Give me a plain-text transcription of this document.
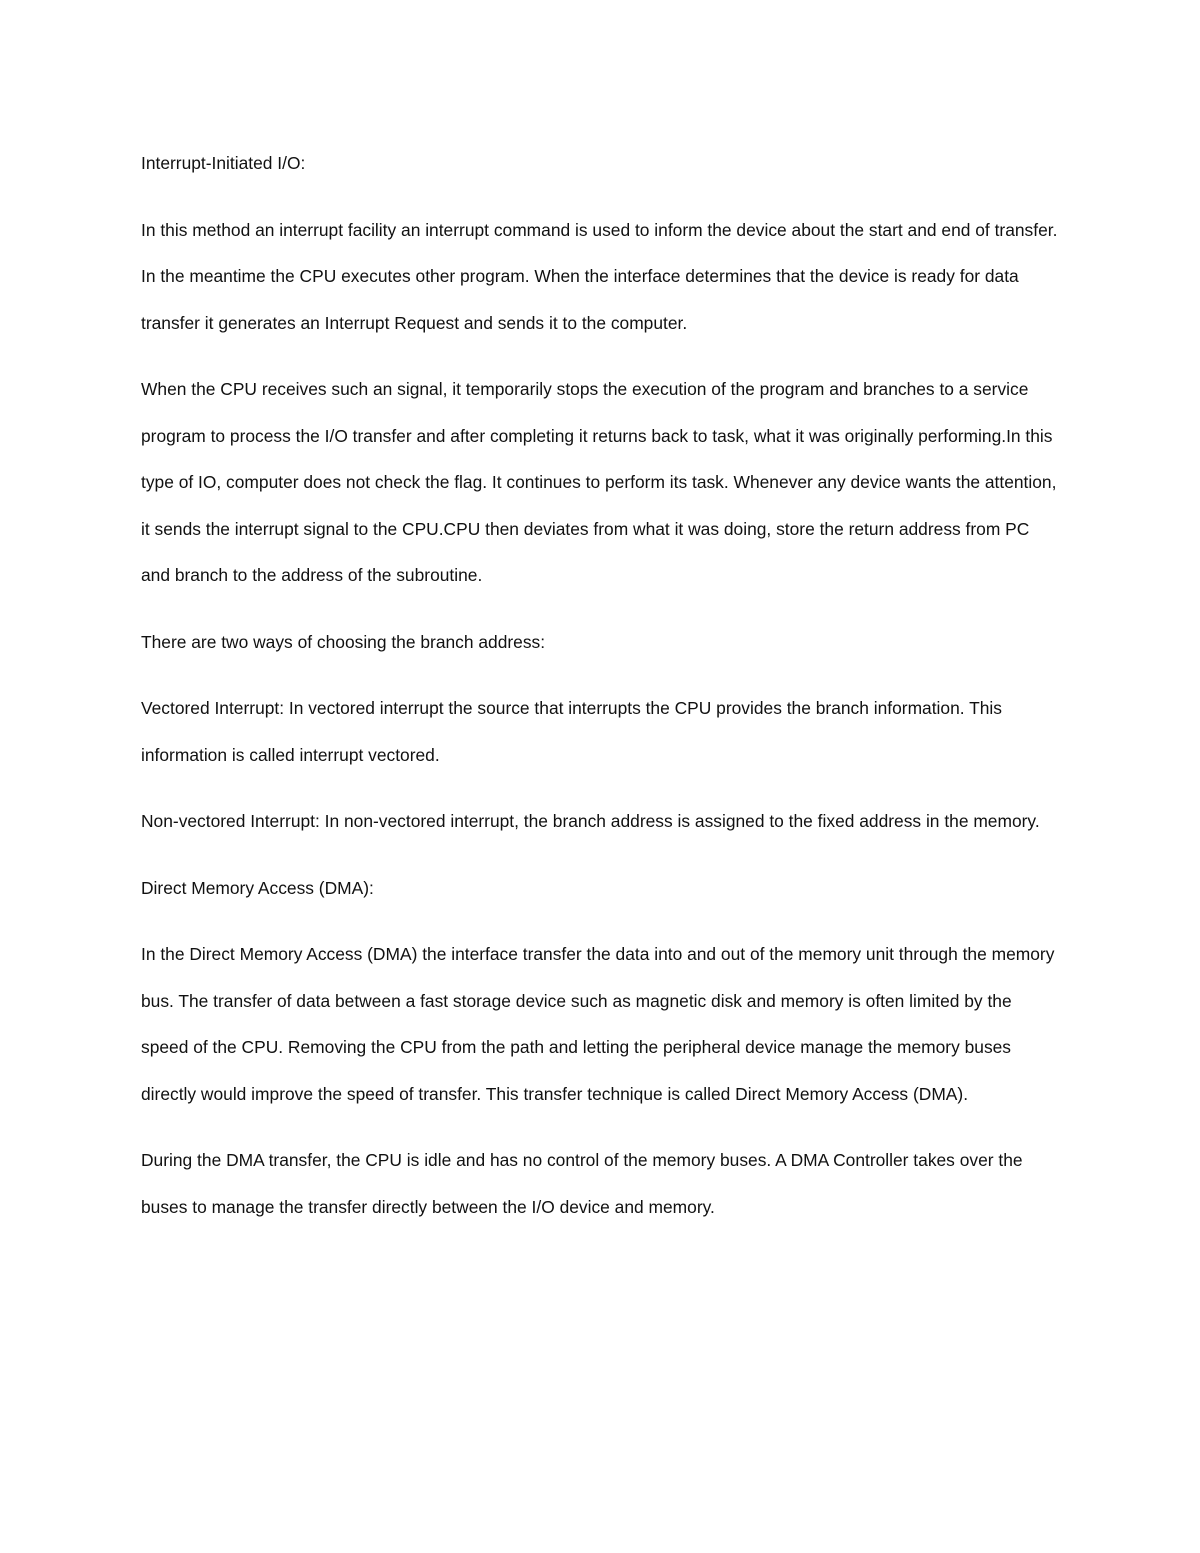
Interrupt-Initiated I/O:

In this method an interrupt facility an interrupt command is used to inform the device about the start and end of transfer. In the meantime the CPU executes other program. When the interface determines that the device is ready for data transfer it generates an Interrupt Request and sends it to the computer.

When the CPU receives such an signal, it temporarily stops the execution of the program and branches to a service program to process the I/O transfer and after completing it returns back to task, what it was originally performing.In this type of IO, computer does not check the flag. It continues to perform its task. Whenever any device wants the attention, it sends the interrupt signal to the CPU.CPU then deviates from what it was doing, store the return address from PC and branch to the address of the subroutine.

There are two ways of choosing the branch address:

Vectored Interrupt: In vectored interrupt the source that interrupts the CPU provides the branch information. This information is called interrupt vectored.

Non-vectored Interrupt: In non-vectored interrupt, the branch address is assigned to the fixed address in the memory.

Direct Memory Access (DMA):

In the Direct Memory Access (DMA) the interface transfer the data into and out of the memory unit through the memory bus. The transfer of data between a fast storage device such as magnetic disk and memory is often limited by the speed of the CPU. Removing the CPU from the path and letting the peripheral device manage the memory buses directly would improve the speed of transfer. This transfer technique is called Direct Memory Access (DMA).

During the DMA transfer, the CPU is idle and has no control of the memory buses. A DMA Controller takes over the buses to manage the transfer directly between the I/O device and memory.
